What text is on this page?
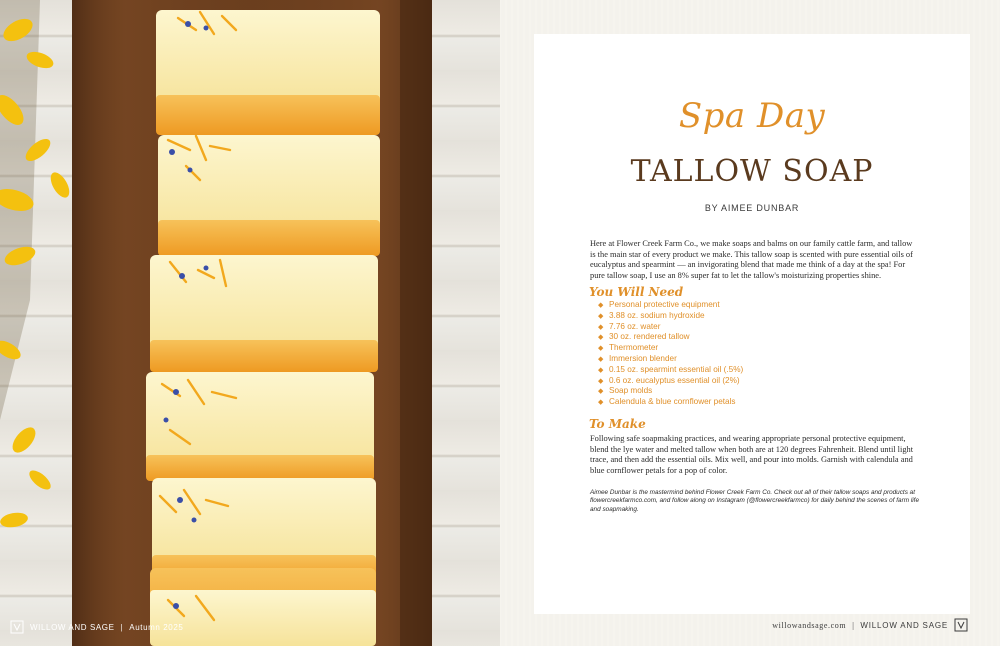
WILLOW AND SAGE | Autumn 2025
Spa Day
TALLOW SOAP
BY AIMEE DUNBAR

Here at Flower Creek Farm Co., we make soaps and balms on our family cattle farm, and tallow is the main star of every product we make. This tallow soap is scented with pure essential oils of eucalyptus and spearmint — an invigorating blend that made me think of a day at the spa! For pure tallow soap, I use an 8% super fat to let the tallow's moisturizing properties shine.

You Will Need
◆ Personal protective equipment
◆ 3.88 oz. sodium hydroxide
◆ 7.76 oz. water
◆ 30 oz. rendered tallow
◆ Thermometer
◆ Immersion blender
◆ 0.15 oz. spearmint essential oil (.5%)
◆ 0.6 oz. eucalyptus essential oil (2%)
◆ Soap molds
◆ Calendula & blue cornflower petals
To Make

Following safe soapmaking practices, and wearing appropriate personal protective equipment, blend the lye water and melted tallow when both are at 120 degrees Fahrenheit. Blend until light trace, and then add the essential oils. Mix well, and pour into molds. Garnish with calendula and blue cornflower petals for a pop of color.

Aimee Dunbar is the mastermind behind Flower Creek Farm Co. Check out all of their tallow soaps and products at flowercreekfarmco.com, and follow along on Instagram (@flowercreekfarmco) for daily behind the scenes of farm life and soapmaking.

willowandsage.com | WILLOW AND SAGE
